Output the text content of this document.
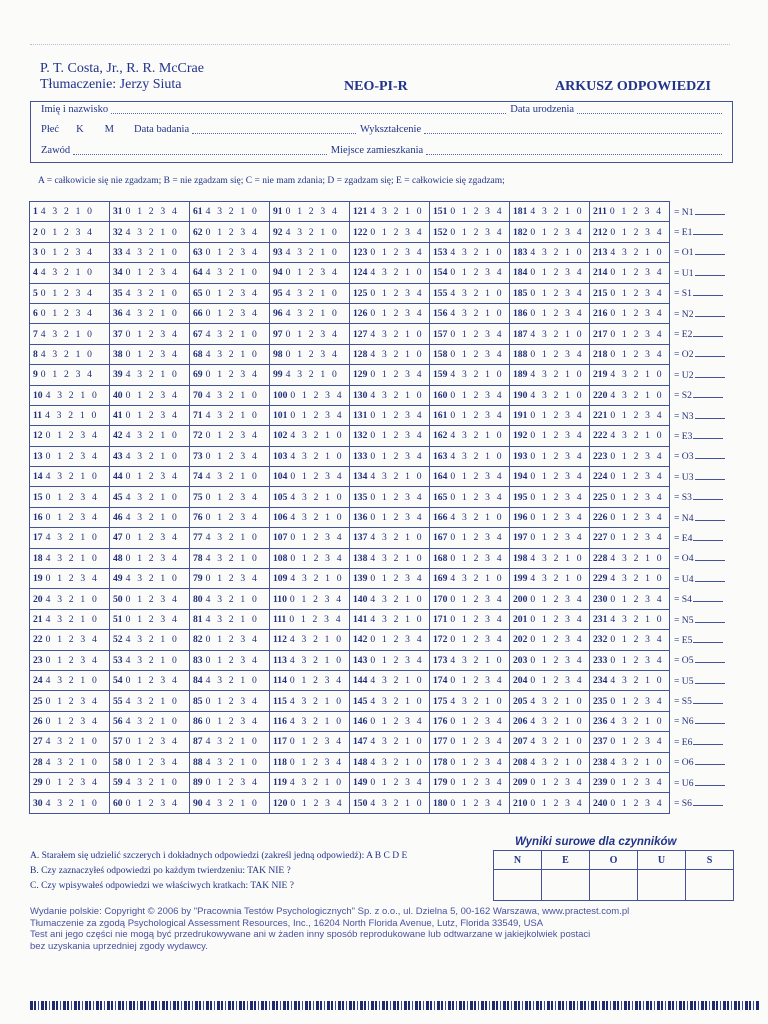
P. T. Costa, Jr., R. R. McCrae
Tłumaczenie: Jerzy Siuta	NEO-PI-R	ARKUSZ ODPOWIEDZI
Imię i nazwisko	Data urodzenia
Płeć K M Data badania	Wykształcenie
Zawód	Miejsce zamieszkania
A = całkowicie się nie zgadzam; B = nie zgadzam się; C = nie mam zdania; D = zgadzam się; E = całkowicie się zgadzam;
1 4 3 2 1 0	31 0 1 2 3 4	61 4 3 2 1 0	91 0 1 2 3 4	121 4 3 2 1 0	151 0 1 2 3 4	181 4 3 2 1 0	211 0 1 2 3 4	= N1
2 0 1 2 3 4	32 4 3 2 1 0	62 0 1 2 3 4	92 4 3 2 1 0	122 0 1 2 3 4	152 0 1 2 3 4	182 0 1 2 3 4	212 0 1 2 3 4	= E1
3 0 1 2 3 4	33 4 3 2 1 0	63 0 1 2 3 4	93 4 3 2 1 0	123 0 1 2 3 4	153 4 3 2 1 0	183 4 3 2 1 0	213 4 3 2 1 0	= O1
4 4 3 2 1 0	34 0 1 2 3 4	64 4 3 2 1 0	94 0 1 2 3 4	124 4 3 2 1 0	154 0 1 2 3 4	184 0 1 2 3 4	214 0 1 2 3 4	= U1
5 0 1 2 3 4	35 4 3 2 1 0	65 0 1 2 3 4	95 4 3 2 1 0	125 0 1 2 3 4	155 4 3 2 1 0	185 0 1 2 3 4	215 0 1 2 3 4	= S1
6 0 1 2 3 4	36 4 3 2 1 0	66 0 1 2 3 4	96 4 3 2 1 0	126 0 1 2 3 4	156 4 3 2 1 0	186 0 1 2 3 4	216 0 1 2 3 4	= N2
7 4 3 2 1 0	37 0 1 2 3 4	67 4 3 2 1 0	97 0 1 2 3 4	127 4 3 2 1 0	157 0 1 2 3 4	187 4 3 2 1 0	217 0 1 2 3 4	= E2
8 4 3 2 1 0	38 0 1 2 3 4	68 4 3 2 1 0	98 0 1 2 3 4	128 4 3 2 1 0	158 0 1 2 3 4	188 0 1 2 3 4	218 0 1 2 3 4	= O2
9 0 1 2 3 4	39 4 3 2 1 0	69 0 1 2 3 4	99 4 3 2 1 0	129 0 1 2 3 4	159 4 3 2 1 0	189 4 3 2 1 0	219 4 3 2 1 0	= U2
10 4 3 2 1 0	40 0 1 2 3 4	70 4 3 2 1 0	100 0 1 2 3 4	130 4 3 2 1 0	160 0 1 2 3 4	190 4 3 2 1 0	220 4 3 2 1 0	= S2
11 4 3 2 1 0	41 0 1 2 3 4	71 4 3 2 1 0	101 0 1 2 3 4	131 0 1 2 3 4	161 0 1 2 3 4	191 0 1 2 3 4	221 0 1 2 3 4	= N3
12 0 1 2 3 4	42 4 3 2 1 0	72 0 1 2 3 4	102 4 3 2 1 0	132 0 1 2 3 4	162 4 3 2 1 0	192 0 1 2 3 4	222 4 3 2 1 0	= E3
13 0 1 2 3 4	43 4 3 2 1 0	73 0 1 2 3 4	103 4 3 2 1 0	133 0 1 2 3 4	163 4 3 2 1 0	193 0 1 2 3 4	223 0 1 2 3 4	= O3
14 4 3 2 1 0	44 0 1 2 3 4	74 4 3 2 1 0	104 0 1 2 3 4	134 4 3 2 1 0	164 0 1 2 3 4	194 0 1 2 3 4	224 0 1 2 3 4	= U3
15 0 1 2 3 4	45 4 3 2 1 0	75 0 1 2 3 4	105 4 3 2 1 0	135 0 1 2 3 4	165 0 1 2 3 4	195 0 1 2 3 4	225 0 1 2 3 4	= S3
16 0 1 2 3 4	46 4 3 2 1 0	76 0 1 2 3 4	106 4 3 2 1 0	136 0 1 2 3 4	166 4 3 2 1 0	196 0 1 2 3 4	226 0 1 2 3 4	= N4
17 4 3 2 1 0	47 0 1 2 3 4	77 4 3 2 1 0	107 0 1 2 3 4	137 4 3 2 1 0	167 0 1 2 3 4	197 0 1 2 3 4	227 0 1 2 3 4	= E4
18 4 3 2 1 0	48 0 1 2 3 4	78 4 3 2 1 0	108 0 1 2 3 4	138 4 3 2 1 0	168 0 1 2 3 4	198 4 3 2 1 0	228 4 3 2 1 0	= O4
19 0 1 2 3 4	49 4 3 2 1 0	79 0 1 2 3 4	109 4 3 2 1 0	139 0 1 2 3 4	169 4 3 2 1 0	199 4 3 2 1 0	229 4 3 2 1 0	= U4
20 4 3 2 1 0	50 0 1 2 3 4	80 4 3 2 1 0	110 0 1 2 3 4	140 4 3 2 1 0	170 0 1 2 3 4	200 0 1 2 3 4	230 0 1 2 3 4	= S4
21 4 3 2 1 0	51 0 1 2 3 4	81 4 3 2 1 0	111 0 1 2 3 4	141 4 3 2 1 0	171 0 1 2 3 4	201 0 1 2 3 4	231 4 3 2 1 0	= N5
22 0 1 2 3 4	52 4 3 2 1 0	82 0 1 2 3 4	112 4 3 2 1 0	142 0 1 2 3 4	172 0 1 2 3 4	202 0 1 2 3 4	232 0 1 2 3 4	= E5
23 0 1 2 3 4	53 4 3 2 1 0	83 0 1 2 3 4	113 4 3 2 1 0	143 0 1 2 3 4	173 4 3 2 1 0	203 0 1 2 3 4	233 0 1 2 3 4	= O5
24 4 3 2 1 0	54 0 1 2 3 4	84 4 3 2 1 0	114 0 1 2 3 4	144 4 3 2 1 0	174 0 1 2 3 4	204 0 1 2 3 4	234 4 3 2 1 0	= U5
25 0 1 2 3 4	55 4 3 2 1 0	85 0 1 2 3 4	115 4 3 2 1 0	145 4 3 2 1 0	175 4 3 2 1 0	205 4 3 2 1 0	235 0 1 2 3 4	= S5
26 0 1 2 3 4	56 4 3 2 1 0	86 0 1 2 3 4	116 4 3 2 1 0	146 0 1 2 3 4	176 0 1 2 3 4	206 4 3 2 1 0	236 4 3 2 1 0	= N6
27 4 3 2 1 0	57 0 1 2 3 4	87 4 3 2 1 0	117 0 1 2 3 4	147 4 3 2 1 0	177 0 1 2 3 4	207 4 3 2 1 0	237 0 1 2 3 4	= E6
28 4 3 2 1 0	58 0 1 2 3 4	88 4 3 2 1 0	118 0 1 2 3 4	148 4 3 2 1 0	178 0 1 2 3 4	208 4 3 2 1 0	238 4 3 2 1 0	= O6
29 0 1 2 3 4	59 4 3 2 1 0	89 0 1 2 3 4	119 4 3 2 1 0	149 0 1 2 3 4	179 0 1 2 3 4	209 0 1 2 3 4	239 0 1 2 3 4	= U6
30 4 3 2 1 0	60 0 1 2 3 4	90 4 3 2 1 0	120 0 1 2 3 4	150 4 3 2 1 0	180 0 1 2 3 4	210 0 1 2 3 4	240 0 1 2 3 4	= S6
A. Starałem się udzielić szczerych i dokładnych odpowiedzi (zakreśl jedną odpowiedź): A B C D E
B. Czy zaznaczyłeś odpowiedzi po każdym twierdzeniu: TAK NIE ?
C. Czy wpisywałeś odpowiedzi we właściwych kratkach: TAK NIE ?
Wyniki surowe dla czynników
N	E	O	U	S

Wydanie polskie: Copyright © 2006 by "Pracownia Testów Psychologicznych" Sp. z o.o., ul. Dzielna 5, 00-162 Warszawa, www.practest.com.pl
Tłumaczenie za zgodą Psychological Assessment Resources, Inc., 16204 North Florida Avenue, Lutz, Florida 33549, USA
Test ani jego części nie mogą być przedrukowywane ani w żaden inny sposób reprodukowane lub odtwarzane w jakiejkolwiek postaci
bez uzyskania uprzedniej zgody wydawcy.
